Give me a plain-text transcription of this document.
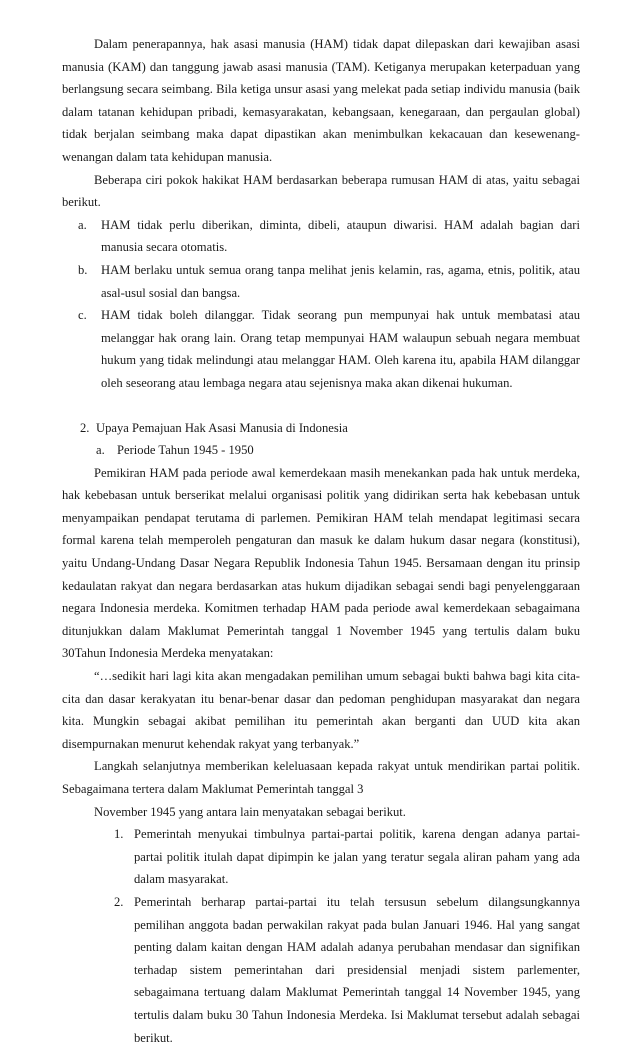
Dalam penerapannya, hak asasi manusia (HAM) tidak dapat dilepaskan dari kewajiban asasi manusia (KAM) dan tanggung jawab asasi manusia (TAM). Ketiganya merupakan keterpaduan yang berlangsung secara seimbang. Bila ketiga unsur asasi yang melekat pada setiap individu manusia (baik dalam tatanan kehidupan pribadi, kemasyarakatan, kebangsaan, kenegaraan, dan pergaulan global) tidak berjalan seimbang maka dapat dipastikan akan menimbulkan kekacauan dan kesewenang-wenangan dalam tata kehidupan manusia.

Beberapa ciri pokok hakikat HAM berdasarkan beberapa rumusan HAM di atas, yaitu sebagai berikut.

a. HAM tidak perlu diberikan, diminta, dibeli, ataupun diwarisi. HAM adalah bagian dari manusia secara otomatis.
b. HAM berlaku untuk semua orang tanpa melihat jenis kelamin, ras, agama, etnis, politik, atau asal-usul sosial dan bangsa.
c. HAM tidak boleh dilanggar. Tidak seorang pun mempunyai hak untuk membatasi atau melanggar hak orang lain. Orang tetap mempunyai HAM walaupun sebuah negara membuat hukum yang tidak melindungi atau melanggar HAM. Oleh karena itu, apabila HAM dilanggar oleh seseorang atau lembaga negara atau sejenisnya maka akan dikenai hukuman.
2. Upaya Pemajuan Hak Asasi Manusia di Indonesia
a. Periode Tahun 1945 - 1950

Pemikiran HAM pada periode awal kemerdekaan masih menekankan pada hak untuk merdeka, hak kebebasan untuk berserikat melalui organisasi politik yang didirikan serta hak kebebasan untuk menyampaikan pendapat terutama di parlemen. Pemikiran HAM telah mendapat legitimasi secara formal karena telah memperoleh pengaturan dan masuk ke dalam hukum dasar negara (konstitusi), yaitu Undang-Undang Dasar Negara Republik Indonesia Tahun 1945. Bersamaan dengan itu prinsip kedaulatan rakyat dan negara berdasarkan atas hukum dijadikan sebagai sendi bagi penyelenggaraan negara Indonesia merdeka. Komitmen terhadap HAM pada periode awal kemerdekaan sebagaimana ditunjukkan dalam Maklumat Pemerintah tanggal 1 November 1945 yang tertulis dalam buku 30Tahun Indonesia Merdeka menyatakan:

“…sedikit hari lagi kita akan mengadakan pemilihan umum sebagai bukti bahwa bagi kita cita-cita dan dasar kerakyatan itu benar-benar dasar dan pedoman penghidupan masyarakat dan negara kita. Mungkin sebagai akibat pemilihan itu pemerintah akan berganti dan UUD kita akan disempurnakan menurut kehendak rakyat yang terbanyak.”

Langkah selanjutnya memberikan keleluasaan kepada rakyat untuk mendirikan partai politik. Sebagaimana tertera dalam Maklumat Pemerintah tanggal 3

November 1945 yang antara lain menyatakan sebagai berikut.

1. Pemerintah menyukai timbulnya partai-partai politik, karena dengan adanya partai-partai politik itulah dapat dipimpin ke jalan yang teratur segala aliran paham yang ada dalam masyarakat.
2. Pemerintah berharap partai-partai itu telah tersusun sebelum dilangsungkannya pemilihan anggota badan perwakilan rakyat pada bulan Januari 1946. Hal yang sangat penting dalam kaitan dengan HAM adalah adanya perubahan mendasar dan signifikan terhadap sistem pemerintahan dari presidensial menjadi sistem parlementer, sebagaimana tertuang dalam Maklumat Pemerintah tanggal 14 November 1945, yang tertulis dalam buku 30 Tahun Indonesia Merdeka. Isi Maklumat tersebut adalah sebagai berikut.
